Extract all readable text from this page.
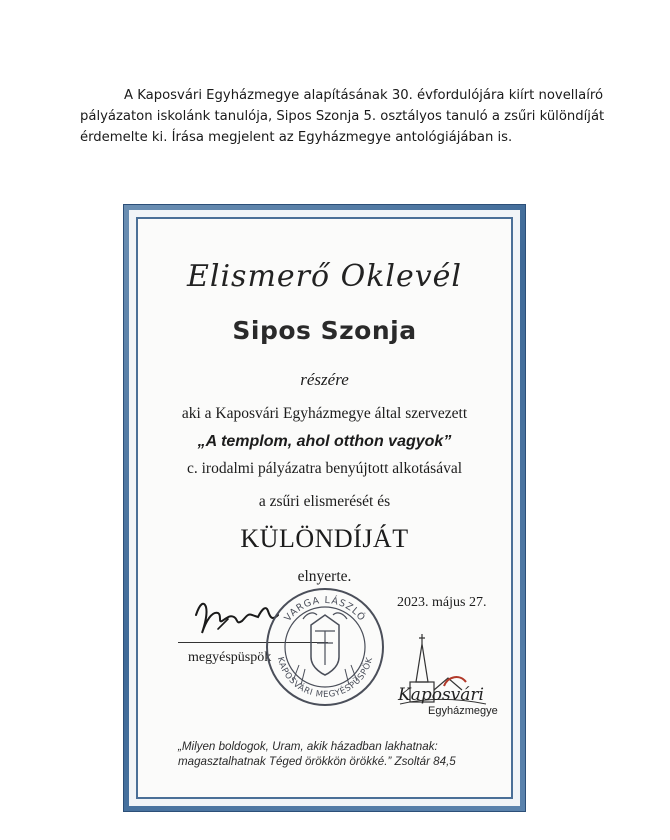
A Kaposvári Egyházmegye alapításának 30. évfordulójára kiírt novellaíró
pályázaton iskolánk tanulója, Sipos Szonja 5. osztályos tanuló a zsűri különdíját
érdemelte ki. Írása megjelent az Egyházmegye antológiájában is.
Elismerő Oklevél
Sipos Szonja
részére
aki a Kaposvári Egyházmegye által szervezett
„A templom, ahol otthon vagyok”
c. irodalmi pályázatra benyújtott alkotásával
a zsűri elismerését és
KÜLÖNDÍJÁT
elnyerte.
2023. május 27.
megyéspüspök
VARGA LÁSZLÓ
KAPOSVÁRI MEGYÉSPÜSPÖK
Kaposvári
Egyházmegye
„Milyen boldogok, Uram, akik házadban lakhatnak:
magasztalhatnak Téged örökkön örökké.” Zsoltár 84,5
